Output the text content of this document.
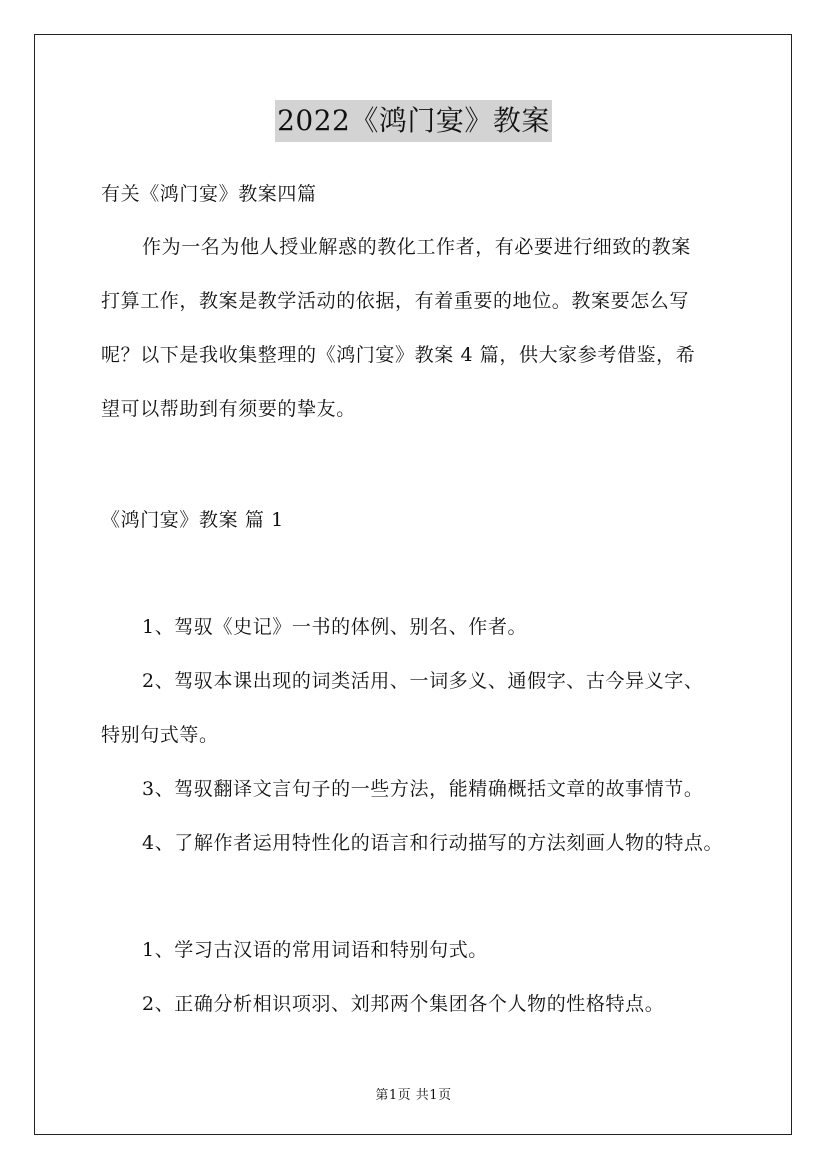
2022《鸿门宴》教案
有关《鸿门宴》教案四篇
作为一名为他人授业解惑的教化工作者，有必要进行细致的教案
打算工作，教案是教学活动的依据，有着重要的地位。教案要怎么写
呢？以下是我收集整理的《鸿门宴》教案 4 篇，供大家参考借鉴，希
望可以帮助到有须要的挚友。
《鸿门宴》教案 篇 1
1、驾驭《史记》一书的体例、别名、作者。
2、驾驭本课出现的词类活用、一词多义、通假字、古今异义字、
特别句式等。
3、驾驭翻译文言句子的一些方法，能精确概括文章的故事情节。
4、了解作者运用特性化的语言和行动描写的方法刻画人物的特点。
1、学习古汉语的常用词语和特别句式。
2、正确分析相识项羽、刘邦两个集团各个人物的性格特点。
第1页 共1页
